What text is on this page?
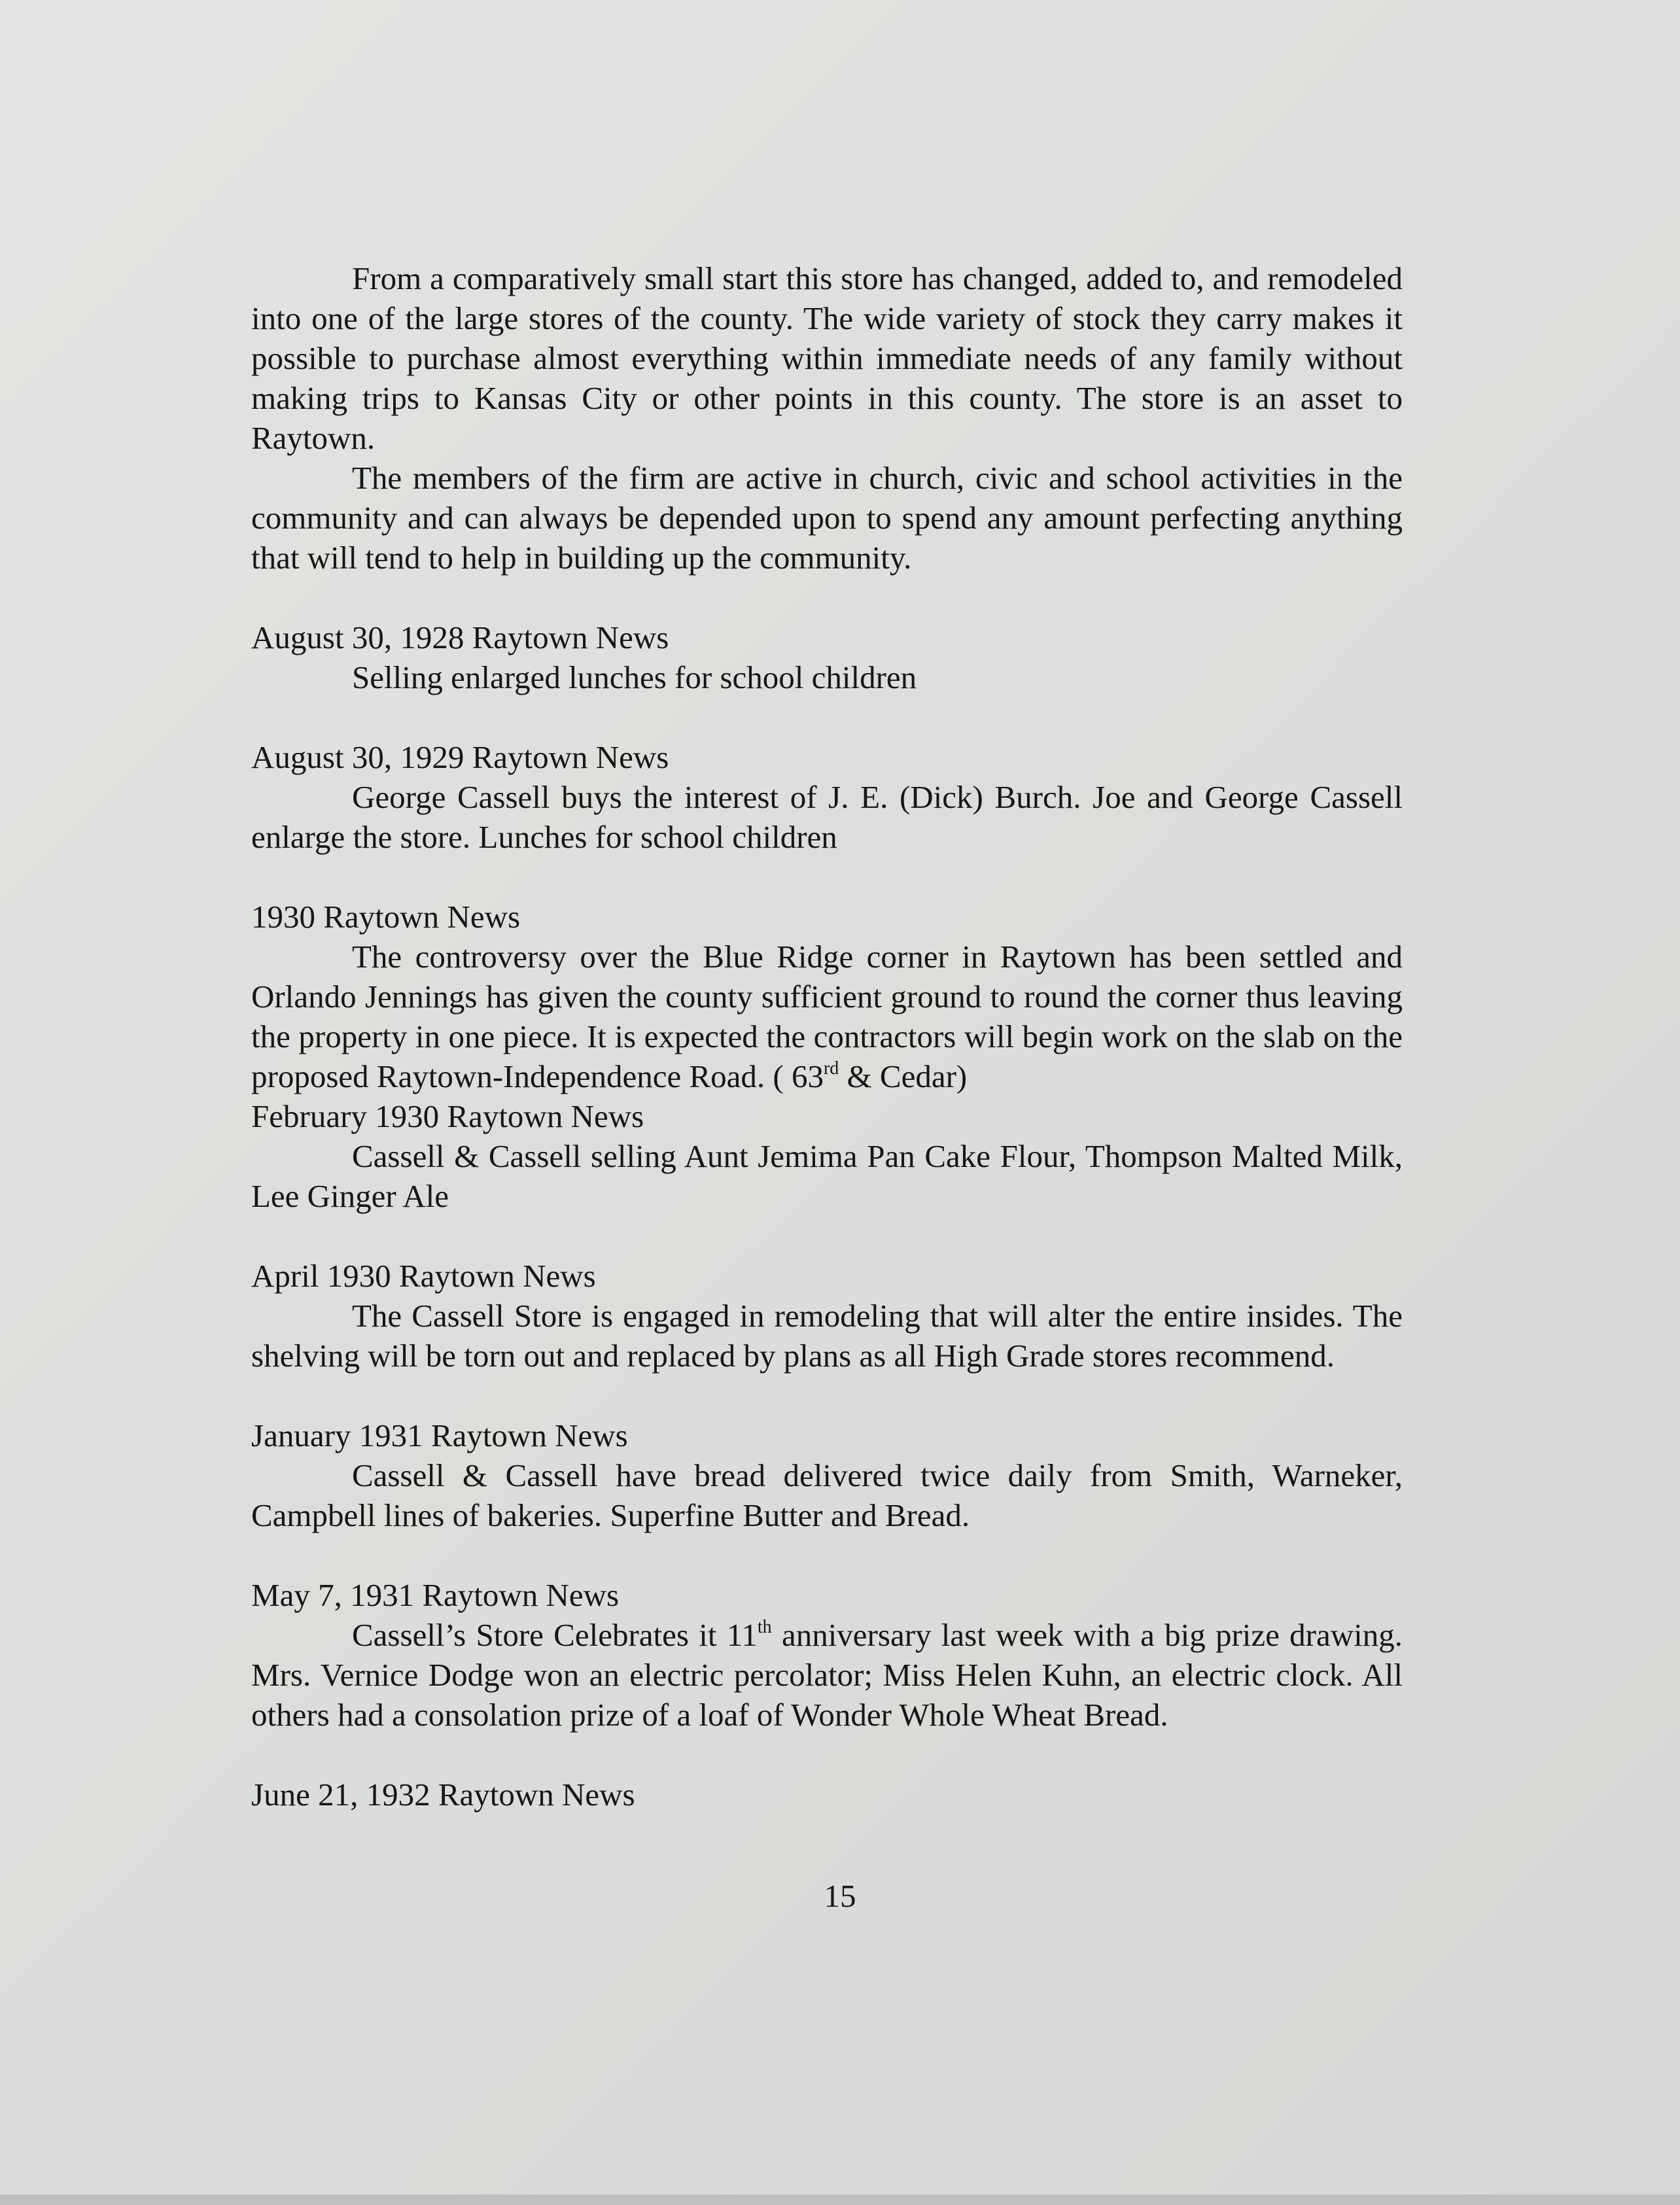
From a comparatively small start this store has changed, added to, and remodeled into one of the large stores of the county. The wide variety of stock they carry makes it possible to purchase almost everything within immediate needs of any family without making trips to Kansas City or other points in this county. The store is an asset to Raytown.

The members of the firm are active in church, civic and school activities in the community and can always be depended upon to spend any amount perfecting anything that will tend to help in building up the community.

August 30, 1928 Raytown News

Selling enlarged lunches for school children

August 30, 1929 Raytown News

George Cassell buys the interest of J. E. (Dick) Burch. Joe and George Cassell enlarge the store. Lunches for school children

1930 Raytown News

The controversy over the Blue Ridge corner in Raytown has been settled and Orlando Jennings has given the county sufficient ground to round the corner thus leaving the property in one piece. It is expected the contractors will begin work on the slab on the proposed Raytown-Independence Road. ( 63rd & Cedar)

February 1930 Raytown News

Cassell & Cassell selling Aunt Jemima Pan Cake Flour, Thompson Malted Milk, Lee Ginger Ale

April 1930 Raytown News

The Cassell Store is engaged in remodeling that will alter the entire insides. The shelving will be torn out and replaced by plans as all High Grade stores recommend.

January 1931 Raytown News

Cassell & Cassell have bread delivered twice daily from Smith, Warneker, Campbell lines of bakeries. Superfine Butter and Bread.

May 7, 1931 Raytown News

Cassell’s Store Celebrates it 11th anniversary last week with a big prize drawing. Mrs. Vernice Dodge won an electric percolator; Miss Helen Kuhn, an electric clock. All others had a consolation prize of a loaf of Wonder Whole Wheat Bread.

June 21, 1932 Raytown News

15
